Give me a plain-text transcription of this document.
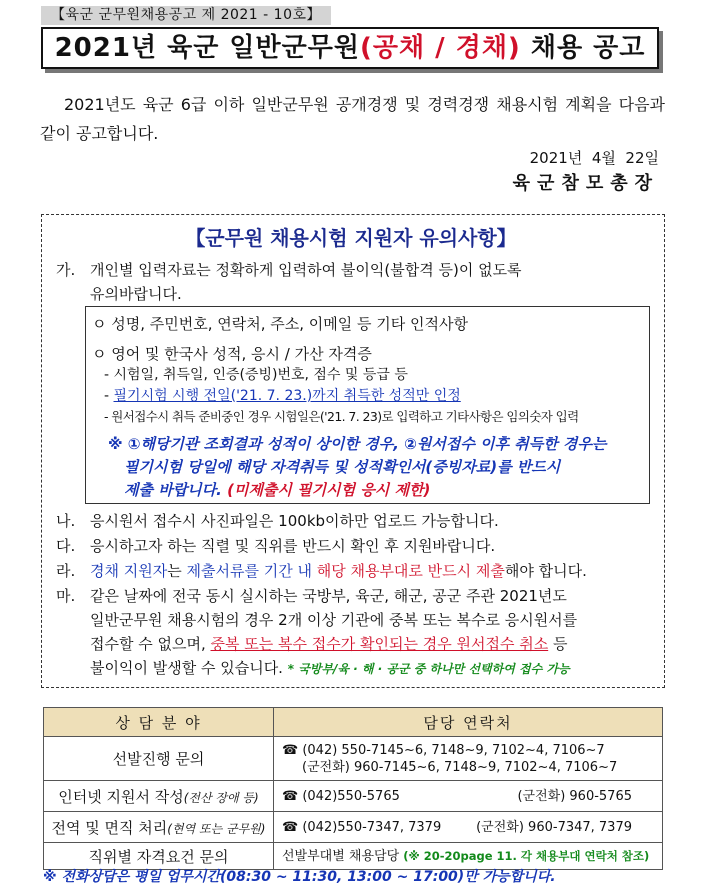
【육군 군무원채용공고 제 2021 - 10호】
2021년 육군 일반군무원(공채 / 경채) 채용 공고
2021년도 육군 6급 이하 일반군무원 공개경쟁 및 경력경쟁 채용시험 계획을 다음과 같이 공고합니다.
2021년  4월  22일
육군참모총장
【군무원 채용시험 지원자 유의사항】
가. 개인별 입력자료는 정확하게 입력하여 불이익(불합격 등)이 없도록
유의바랍니다.
ㅇ 성명, 주민번호, 연락처, 주소, 이메일 등 기타 인적사항
ㅇ 영어 및 한국사 성적, 응시 / 가산 자격증
- 시험일, 취득일, 인증(증빙)번호, 점수 및 등급 등
- 필기시험 시행 전일('21. 7. 23.)까지 취득한 성적만 인정
- 원서접수시 취득 준비중인 경우 시험일은('21. 7. 23)로 입력하고 기타사항은 임의숫자 입력
※ ①해당기관 조회결과 성적이 상이한 경우, ②원서접수 이후 취득한 경우는
필기시험 당일에 해당 자격취득 및 성적확인서(증빙자료)를 반드시
제출 바랍니다. (미제출시 필기시험 응시 제한)
나. 응시원서 접수시 사진파일은 100kb이하만 업로드 가능합니다.
다. 응시하고자 하는 직렬 및 직위를 반드시 확인 후 지원바랍니다.
라. 경채 지원자는 제출서류를 기간 내 해당 채용부대로 반드시 제출해야 합니다.
마. 같은 날짜에 전국 동시 실시하는 국방부, 육군, 해군, 공군 주관 2021년도
일반군무원 채용시험의 경우 2개 이상 기관에 중복 또는 복수로 응시원서를
접수할 수 없으며, 중복 또는 복수 접수가 확인되는 경우 원서접수 취소 등
불이익이 발생할 수 있습니다. * 국방부/육 · 해 · 공군 중 하나만 선택하여 접수 가능
상 담 분 야	담당 연락처
선발진행 문의	☎ (042) 550-7145~6, 7148~9, 7102~4, 7106~7
(군전화) 960-7145~6, 7148~9, 7102~4, 7106~7

인터넷 지원서 작성(전산 장애 등)	☎ (042)550-5765 (군전화) 960-5765

전역 및 면직 처리(현역 또는 군무원)	☎ (042)550-7347, 7379 (군전화) 960-7347, 7379

직위별 자격요건 문의	선발부대별 채용담당 (※ 20-20page 11. 각 채용부대 연락처 참조)
※ 전화상담은 평일 업무시간(08:30 ~ 11:30, 13:00 ~ 17:00)만 가능합니다.
